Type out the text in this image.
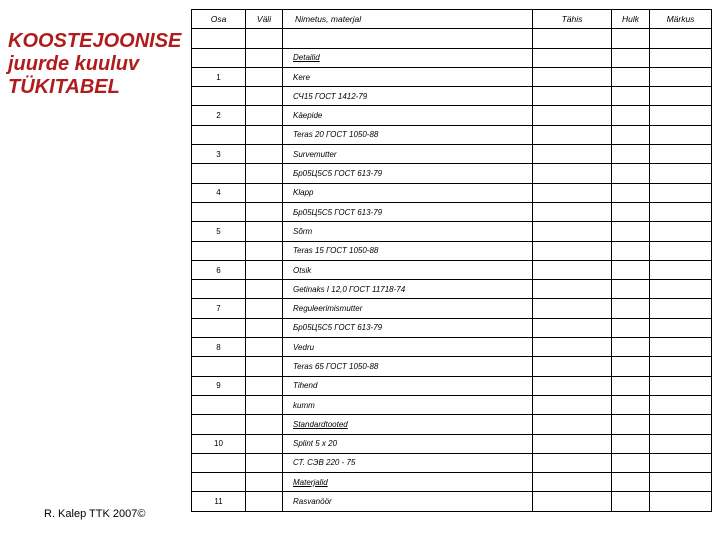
KOOSTEJOONISE
juurde kuuluv
TÜKITABEL
Osa	Väli	Nimetus, materjal	Tähis	Hulk	Märkus

		Detailid			
1		Kere			
		СЧ15 ГОСТ 1412-79			
2		Käepide			
		Teras 20 ГОСТ 1050-88			
3		Survemutter			
		Бр05Ц5С5 ГОСТ 613-79			
4		Klapp			
		Бр05Ц5С5 ГОСТ 613-79			
5		Sõrm			
		Teras 15 ГОСТ 1050-88			
6		Otsik			
		Getinaks I 12,0 ГОСТ 11718-74			
7		Reguleerimismutter			
		Бр05Ц5С5 ГОСТ 613-79			
8		Vedru			
		Teras 65 ГОСТ 1050-88			
9		Tihend			
		kumm			
		Standardtooted			
10		Splint 5 x 20			
		СТ. СЭВ 220 - 75			
		Materjalid			
11		Rasvanöör			
R. Kalep TTK 2007©
